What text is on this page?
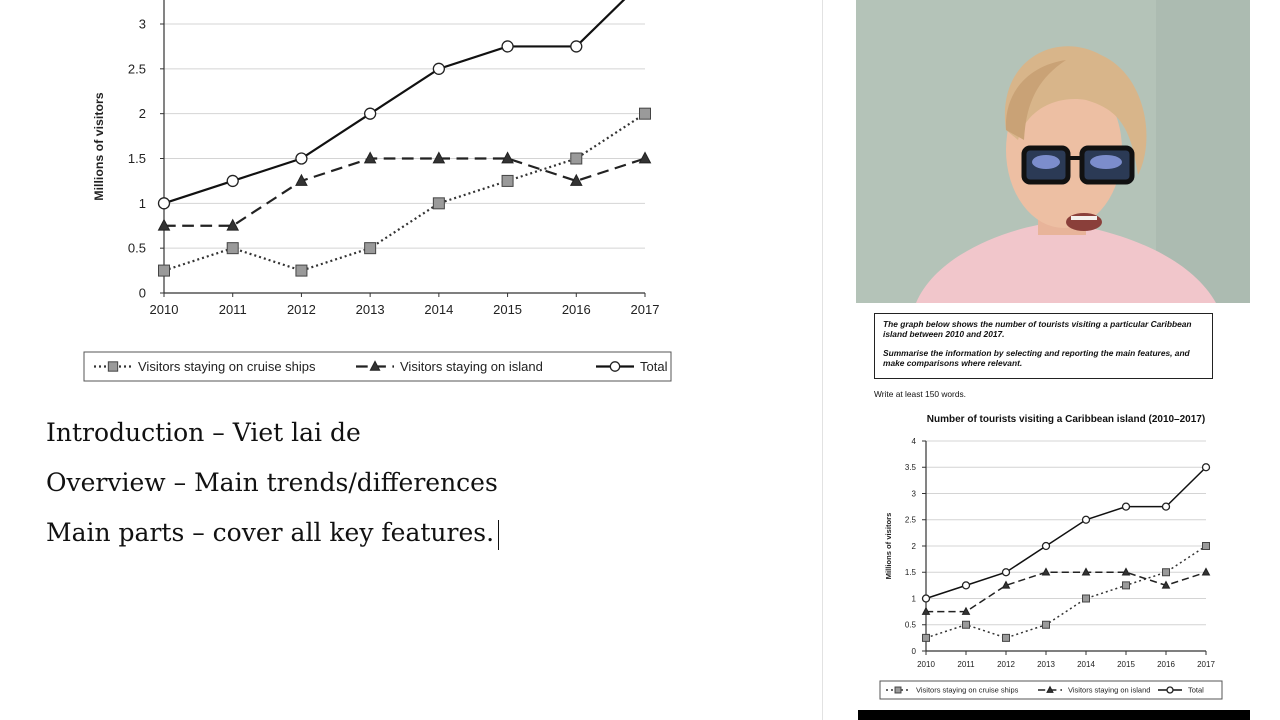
0
0.5
1
1.5
2
2.5
3
2010	2011	2012	2013	2014	2015	2016	2017
Millions of visitors
Visitors staying on cruise ships	Visitors staying on island	Total
Introduction – Viet lai de
Overview – Main trends/differences
Main parts – cover all key features.

The graph below shows the number of tourists visiting a particular Caribbean island between 2010 and 2017.

Summarise the information by selecting and reporting the main features, and make comparisons where relevant.

Write at least 150 words.
Number of tourists visiting a Caribbean island (2010–2017)
0
0.5
1
1.5
2
2.5
3
3.5
4
2010	2011	2012	2013	2014	2015	2016	2017
Millions of visitors
Visitors staying on cruise ships	Visitors staying on island	Total
